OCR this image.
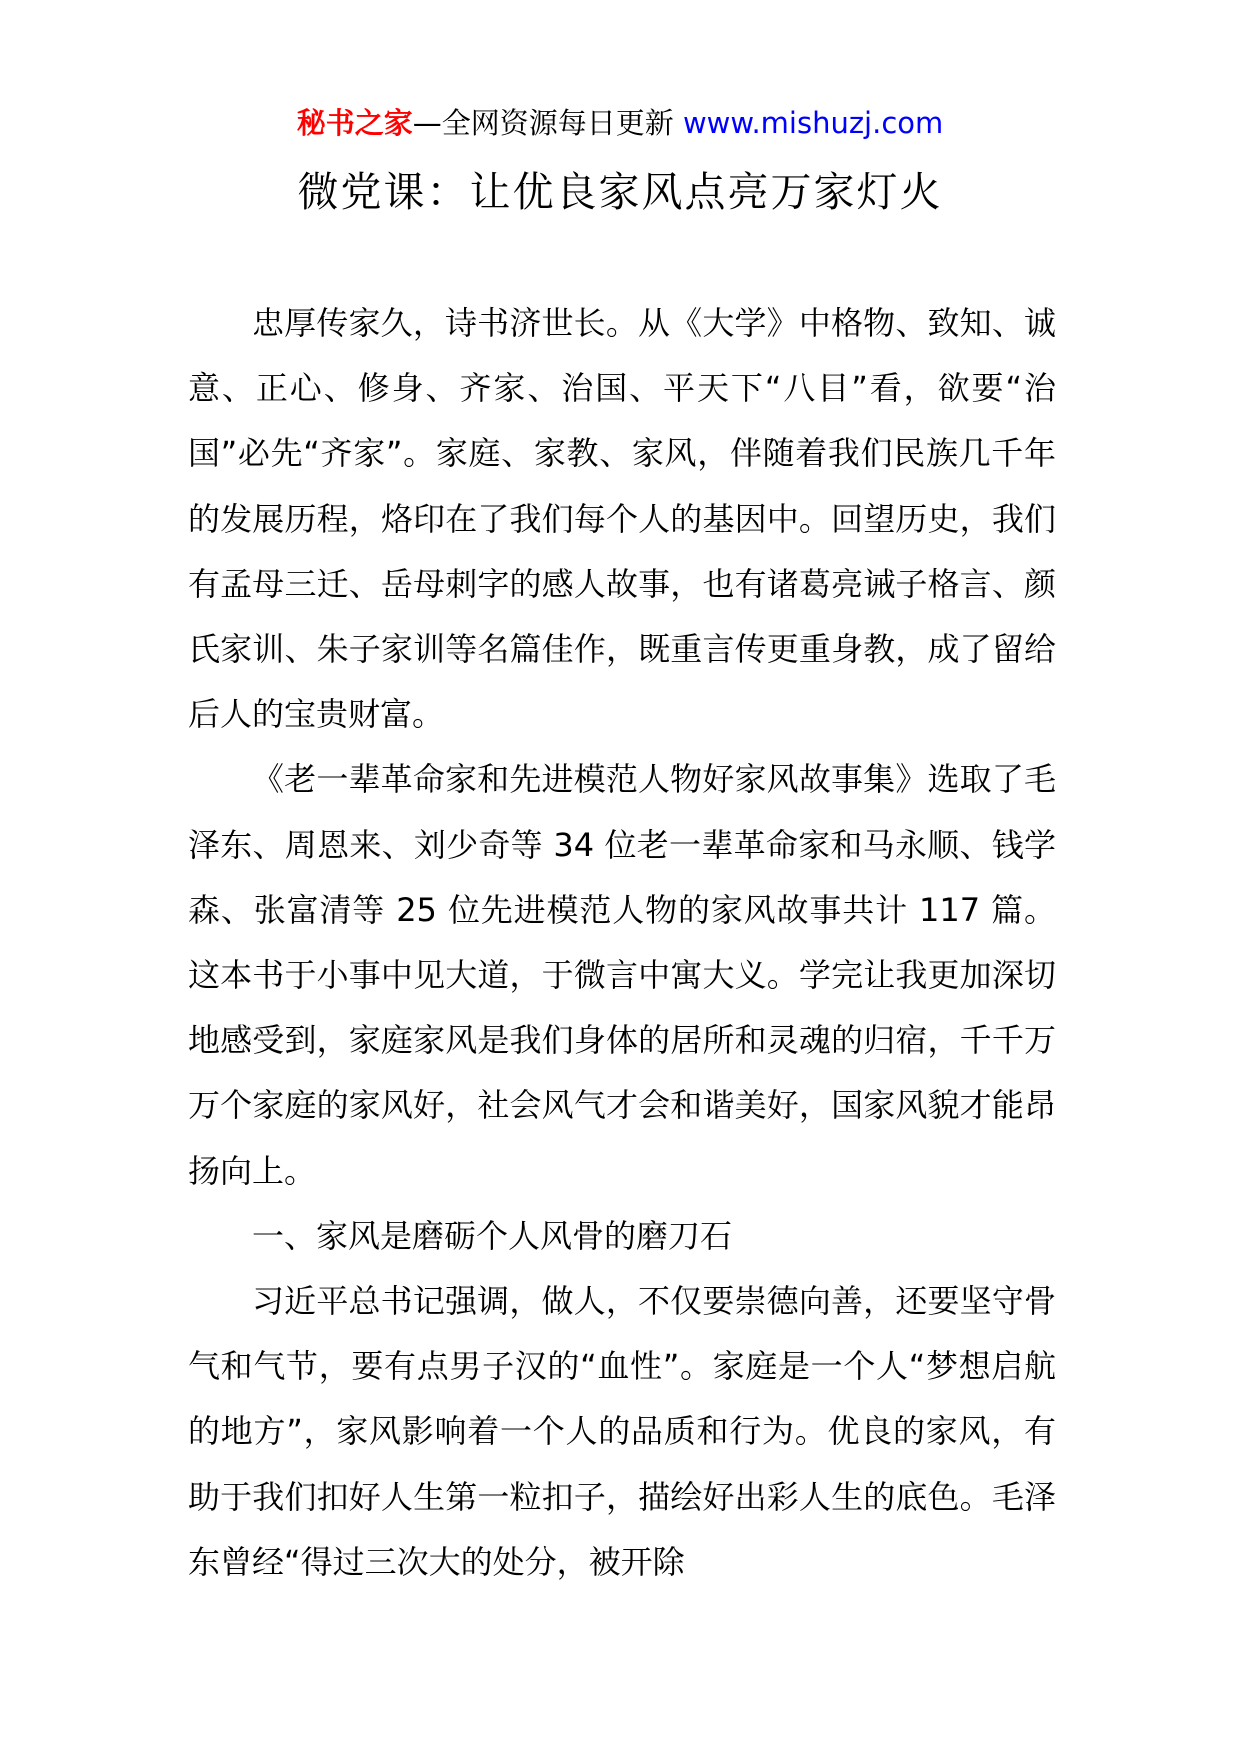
秘书之家—全网资源每日更新 www.mishuzj.com
微党课：让优良家风点亮万家灯火

忠厚传家久，诗书济世长。从《大学》中格物、致知、诚意、正心、修身、齐家、治国、平天下“八目”看，欲要“治国”必先“齐家”。家庭、家教、家风，伴随着我们民族几千年的发展历程，烙印在了我们每个人的基因中。回望历史，我们有孟母三迁、岳母刺字的感人故事，也有诸葛亮诫子格言、颜氏家训、朱子家训等名篇佳作，既重言传更重身教，成了留给后人的宝贵财富。

《老一辈革命家和先进模范人物好家风故事集》选取了毛泽东、周恩来、刘少奇等 34 位老一辈革命家和马永顺、钱学森、张富清等 25 位先进模范人物的家风故事共计 117 篇。这本书于小事中见大道，于微言中寓大义。学完让我更加深切地感受到，家庭家风是我们身体的居所和灵魂的归宿，千千万万个家庭的家风好，社会风气才会和谐美好，国家风貌才能昂扬向上。

一、家风是磨砺个人风骨的磨刀石

习近平总书记强调，做人，不仅要崇德向善，还要坚守骨气和气节，要有点男子汉的“血性”。家庭是一个人“梦想启航的地方”，家风影响着一个人的品质和行为。优良的家风，有助于我们扣好人生第一粒扣子，描绘好出彩人生的底色。毛泽东曾经“得过三次大的处分，被开除
